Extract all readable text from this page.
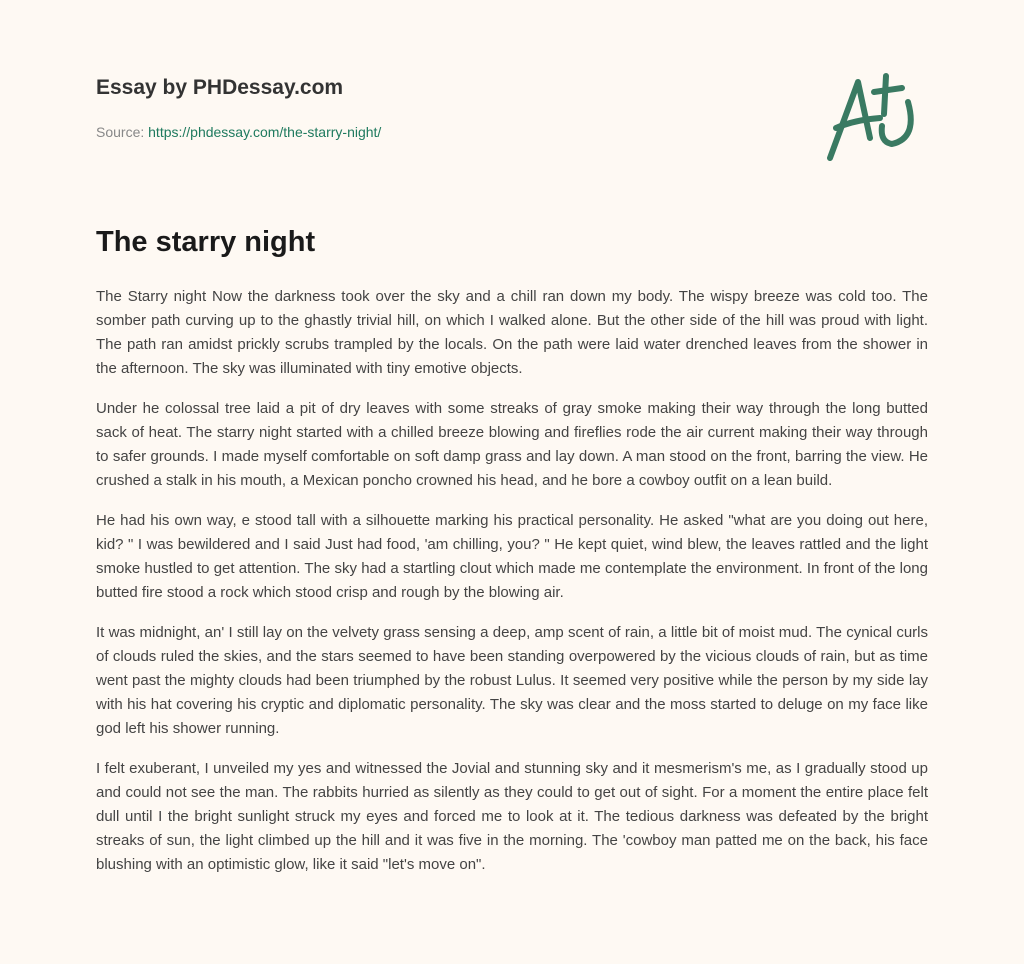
Essay by PHDessay.com
Source: https://phdessay.com/the-starry-night/
The starry night

The Starry night Now the darkness took over the sky and a chill ran down my body. The wispy breeze was cold too. The somber path curving up to the ghastly trivial hill, on which I walked alone. But the other side of the hill was proud with light. The path ran amidst prickly scrubs trampled by the locals. On the path were laid water drenched leaves from the shower in the afternoon. The sky was illuminated with tiny emotive objects.

Under he colossal tree laid a pit of dry leaves with some streaks of gray smoke making their way through the long butted sack of heat. The starry night started with a chilled breeze blowing and fireflies rode the air current making their way through to safer grounds. I made myself comfortable on soft damp grass and lay down. A man stood on the front, barring the view. He crushed a stalk in his mouth, a Mexican poncho crowned his head, and he bore a cowboy outfit on a lean build.

He had his own way, e stood tall with a silhouette marking his practical personality. He asked "what are you doing out here, kid? " I was bewildered and I said Just had food, 'am chilling, you? " He kept quiet, wind blew, the leaves rattled and the light smoke hustled to get attention. The sky had a startling clout which made me contemplate the environment. In front of the long butted fire stood a rock which stood crisp and rough by the blowing air.

It was midnight, an' I still lay on the velvety grass sensing a deep, amp scent of rain, a little bit of moist mud. The cynical curls of clouds ruled the skies, and the stars seemed to have been standing overpowered by the vicious clouds of rain, but as time went past the mighty clouds had been triumphed by the robust Lulus. It seemed very positive while the person by my side lay with his hat covering his cryptic and diplomatic personality. The sky was clear and the moss started to deluge on my face like god left his shower running.

I felt exuberant, I unveiled my yes and witnessed the Jovial and stunning sky and it mesmerism's me, as I gradually stood up and could not see the man. The rabbits hurried as silently as they could to get out of sight. For a moment the entire place felt dull until I the bright sunlight struck my eyes and forced me to look at it. The tedious darkness was defeated by the bright streaks of sun, the light climbed up the hill and it was five in the morning. The 'cowboy man patted me on the back, his face blushing with an optimistic glow, like it said "let's move on".
